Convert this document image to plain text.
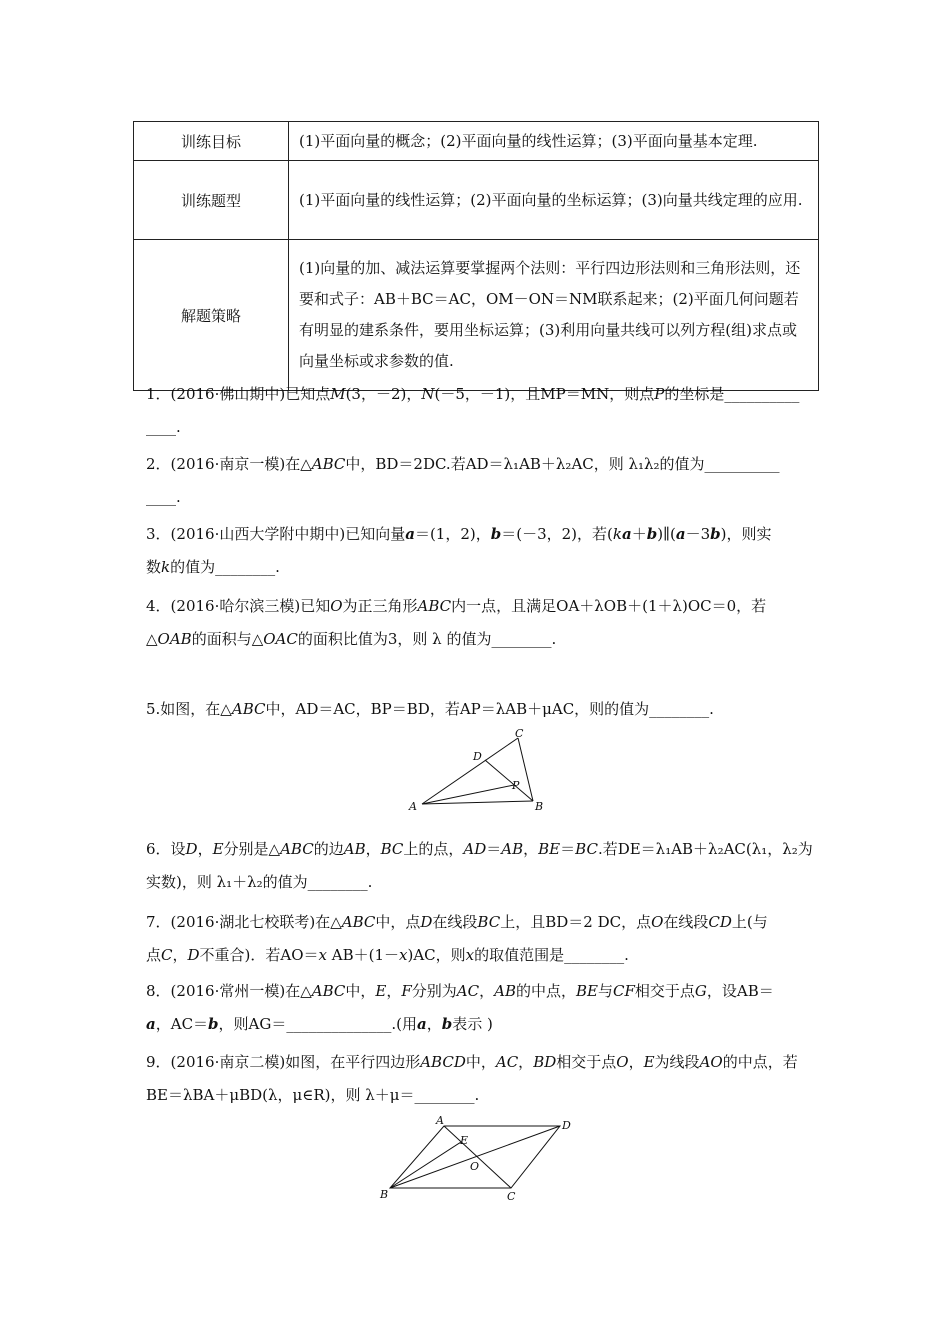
训练目标	(1)平面向量的概念；(2)平面向量的线性运算；(3)平面向量基本定理.
训练题型	(1)平面向量的线性运算；(2)平面向量的坐标运算；(3)向量共线定理的应用.
解题策略	(1)向量的加、减法运算要掌握两个法则：平行四边形法则和三角形法则，还要和式子：AB＋BC＝AC，OM－ON＝NM联系起来；(2)平面几何问题若有明显的建系条件，要用坐标运算；(3)利用向量共线可以列方程(组)求点或向量坐标或求参数的值.
1．(2016·佛山期中)已知点M(3，－2)，N(－5，－1)，且MP＝MN，则点P的坐标是__________
____.
2．(2016·南京一模)在△ABC中，BD＝2DC.若AD＝λ₁AB＋λ₂AC，则 λ₁λ₂的值为__________
____.
3．(2016·山西大学附中期中)已知向量a＝(1，2)，b＝(－3，2)，若(ka＋b)∥(a－3b)，则实
数k的值为________.
4．(2016·哈尔滨三模)已知O为正三角形ABC内一点，且满足OA＋λOB＋(1＋λ)OC＝0，若
△OAB的面积与△OAC的面积比值为3，则 λ 的值为________.
5.如图，在△ABC中，AD＝AC，BP＝BD，若AP＝λAB＋μAC，则的值为________.
A	B
C
D
P
6．设D，E分别是△ABC的边AB，BC上的点，AD＝AB，BE＝BC.若DE＝λ₁AB＋λ₂AC(λ₁，λ₂为
实数)，则 λ₁＋λ₂的值为________.
7．(2016·湖北七校联考)在△ABC中，点D在线段BC上，且BD＝2 DC，点O在线段CD上(与
点C，D不重合)．若AO＝x AB＋(1－x)AC，则x的取值范围是________.
8．(2016·常州一模)在△ABC中，E，F分别为AC，AB的中点，BE与CF相交于点G，设AB＝
a，AC＝b，则AG＝______________.(用a，b表示 )
9．(2016·南京二模)如图，在平行四边形ABCD中，AC，BD相交于点O，E为线段AO的中点，若
BE＝λBA＋μBD(λ，μ∈R)，则 λ＋μ＝________.
A	D
B	C
E
O
